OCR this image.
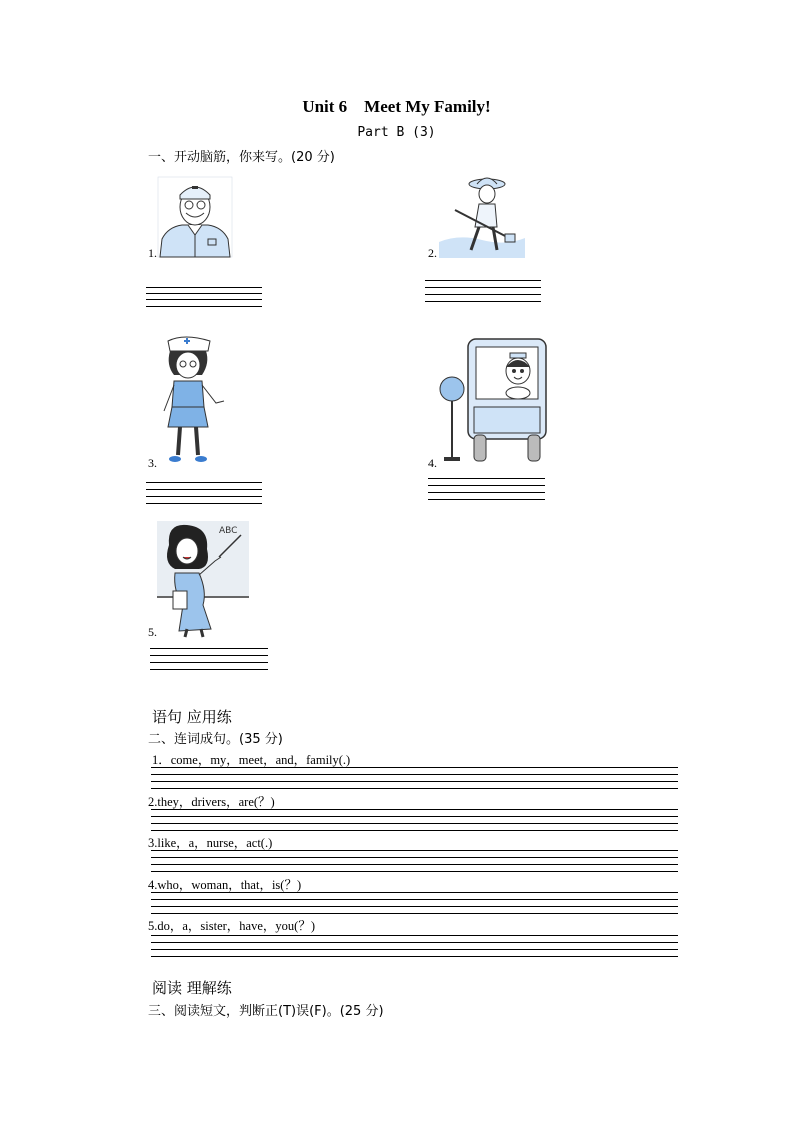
Unit 6　Meet My Family!
Part B (3)
一、开动脑筋，你来写。(20 分)
1.	2.
3.	4.
ABC
5.
语句 应用练
二、连词成句。(35 分)
1．come，my，meet，and，family(.)
2.they，drivers，are(？)
3.like，a，nurse，act(.)
4.who，woman，that，is(？)
5.do，a，sister，have，you(？)
阅读 理解练
三、阅读短文，判断正(T)误(F)。(25 分)
